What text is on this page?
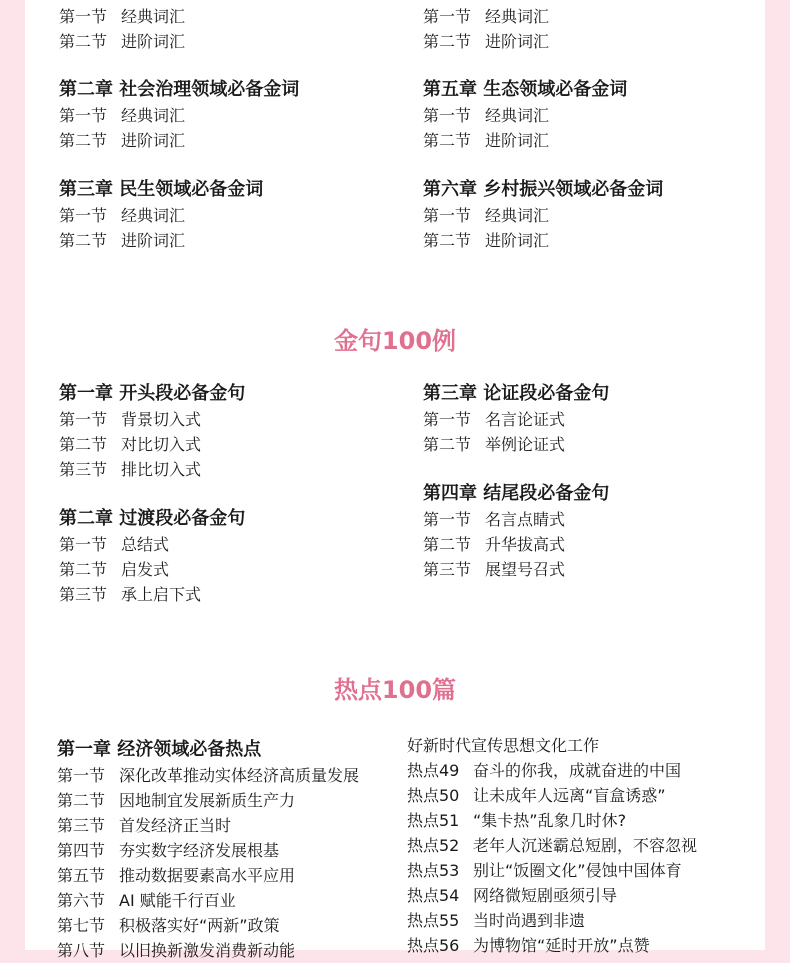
第一节 经典词汇
第二节 进阶词汇
第一节 经典词汇
第二节 进阶词汇
第二章 社会治理领域必备金词
第一节 经典词汇
第二节 进阶词汇
第五章 生态领域必备金词
第一节 经典词汇
第二节 进阶词汇
第三章 民生领域必备金词
第一节 经典词汇
第二节 进阶词汇
第六章 乡村振兴领域必备金词
第一节 经典词汇
第二节 进阶词汇
金句100例
第一章 开头段必备金句
第一节 背景切入式
第二节 对比切入式
第三节 排比切入式
第二章 过渡段必备金句
第一节 总结式
第二节 启发式
第三节 承上启下式
第三章 论证段必备金句
第一节 名言论证式
第二节 举例论证式
第四章 结尾段必备金句
第一节 名言点睛式
第二节 升华拔高式
第三节 展望号召式
热点100篇
第一章 经济领域必备热点
第一节 深化改革推动实体经济高质量发展
第二节 因地制宜发展新质生产力
第三节 首发经济正当时
第四节 夯实数字经济发展根基
第五节 推动数据要素高水平应用
第六节 AI 赋能千行百业
第七节 积极落实好“两新”政策
第八节 以旧换新激发消费新动能
好新时代宣传思想文化工作
热点49 奋斗的你我，成就奋进的中国
热点50 让未成年人远离“盲盒诱惑”
热点51 “集卡热”乱象几时休?
热点52 老年人沉迷霸总短剧，不容忽视
热点53 别让“饭圈文化”侵蚀中国体育
热点54 网络微短剧亟须引导
热点55 当时尚遇到非遗
热点56 为博物馆“延时开放”点赞
